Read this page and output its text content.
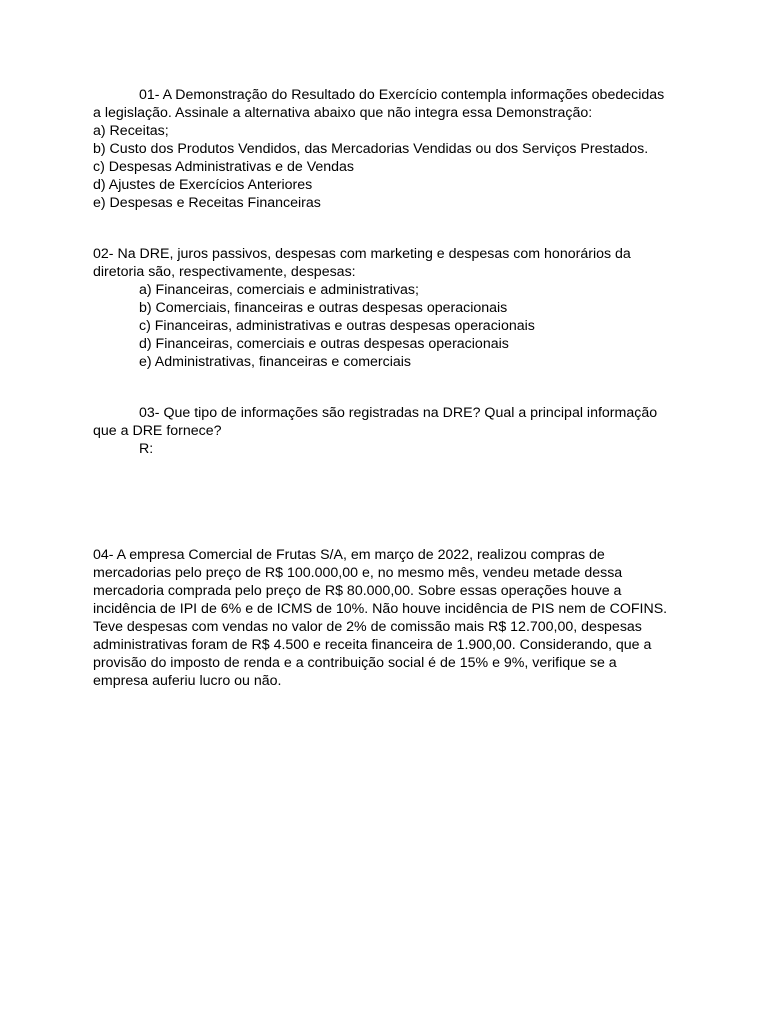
01- A Demonstração do Resultado do Exercício contempla informações obedecidas
a legislação. Assinale a alternativa abaixo que não integra essa Demonstração:
a) Receitas;
b) Custo dos Produtos Vendidos, das Mercadorias Vendidas ou dos Serviços Prestados.
c) Despesas Administrativas e de Vendas
d) Ajustes de Exercícios Anteriores
e) Despesas e Receitas Financeiras
02- Na DRE, juros passivos, despesas com marketing e despesas com honorários da
diretoria são, respectivamente, despesas:
a) Financeiras, comerciais e administrativas;
b) Comerciais, financeiras e outras despesas operacionais
c) Financeiras, administrativas e outras despesas operacionais
d) Financeiras, comerciais e outras despesas operacionais
e) Administrativas, financeiras e comerciais
03- Que tipo de informações são registradas na DRE? Qual a principal informação
que a DRE fornece?
R:
04- A empresa Comercial de Frutas S/A, em março de 2022, realizou compras de
mercadorias pelo preço de R$ 100.000,00 e, no mesmo mês, vendeu metade dessa
mercadoria comprada pelo preço de R$ 80.000,00. Sobre essas operações houve a
incidência de IPI de 6% e de ICMS de 10%. Não houve incidência de PIS nem de COFINS.
Teve despesas com vendas no valor de 2% de comissão mais R$ 12.700,00, despesas
administrativas foram de R$ 4.500 e receita financeira de 1.900,00. Considerando, que a
provisão do imposto de renda e a contribuição social é de 15% e 9%, verifique se a
empresa auferiu lucro ou não.
